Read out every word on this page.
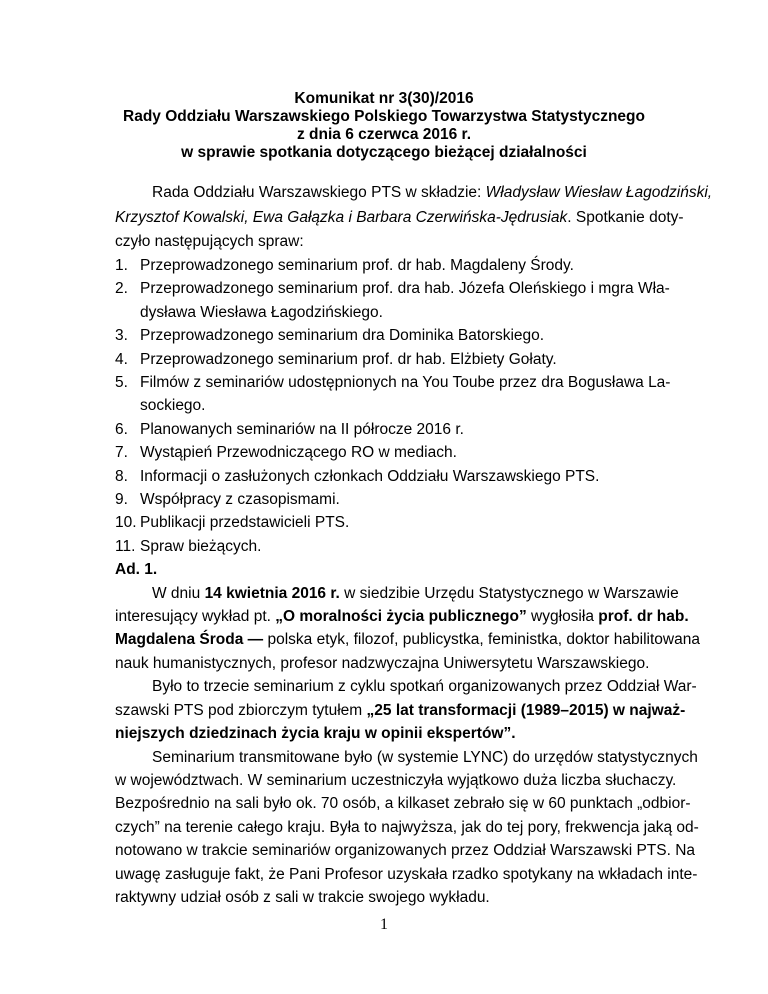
Komunikat nr 3(30)/2016
Rady Oddziału Warszawskiego Polskiego Towarzystwa Statystycznego
z dnia 6 czerwca 2016 r.
w sprawie spotkania dotyczącego bieżącej działalności
Rada Oddziału Warszawskiego PTS w składzie: Władysław Wiesław Łagodziński,
Krzysztof Kowalski, Ewa Gałązka i Barbara Czerwińska-Jędrusiak. Spotkanie doty-
czyło następujących spraw:
1. Przeprowadzonego seminarium prof. dr hab. Magdaleny Środy.
2. Przeprowadzonego seminarium prof. dra hab. Józefa Oleńskiego i mgra Wła-
dysława Wiesława Łagodzińskiego.
3. Przeprowadzonego seminarium dra Dominika Batorskiego.
4. Przeprowadzonego seminarium prof. dr hab. Elżbiety Gołaty.
5. Filmów z seminariów udostępnionych na You Toube przez dra Bogusława La-
sockiego.
6. Planowanych seminariów na II półrocze 2016 r.
7. Wystąpień Przewodniczącego RO w mediach.
8. Informacji o zasłużonych członkach Oddziału Warszawskiego PTS.
9. Współpracy z czasopismami.
10. Publikacji przedstawicieli PTS.
11. Spraw bieżących.
Ad. 1.
W dniu 14 kwietnia 2016 r. w siedzibie Urzędu Statystycznego w Warszawie
interesujący wykład pt. „O moralności życia publicznego” wygłosiła prof. dr hab.
Magdalena Środa — polska etyk, filozof, publicystka, feministka, doktor habilitowana
nauk humanistycznych, profesor nadzwyczajna Uniwersytetu Warszawskiego.
Było to trzecie seminarium z cyklu spotkań organizowanych przez Oddział War-
szawski PTS pod zbiorczym tytułem „25 lat transformacji (1989–2015) w najważ-
niejszych dziedzinach życia kraju w opinii ekspertów”.
Seminarium transmitowane było (w systemie LYNC) do urzędów statystycznych
w województwach. W seminarium uczestniczyła wyjątkowo duża liczba słuchaczy.
Bezpośrednio na sali było ok. 70 osób, a kilkaset zebrało się w 60 punktach „odbior-
czych” na terenie całego kraju. Była to najwyższa, jak do tej pory, frekwencja jaką od-
notowano w trakcie seminariów organizowanych przez Oddział Warszawski PTS. Na
uwagę zasługuje fakt, że Pani Profesor uzyskała rzadko spotykany na wkładach inte-
raktywny udział osób z sali w trakcie swojego wykładu.
1
